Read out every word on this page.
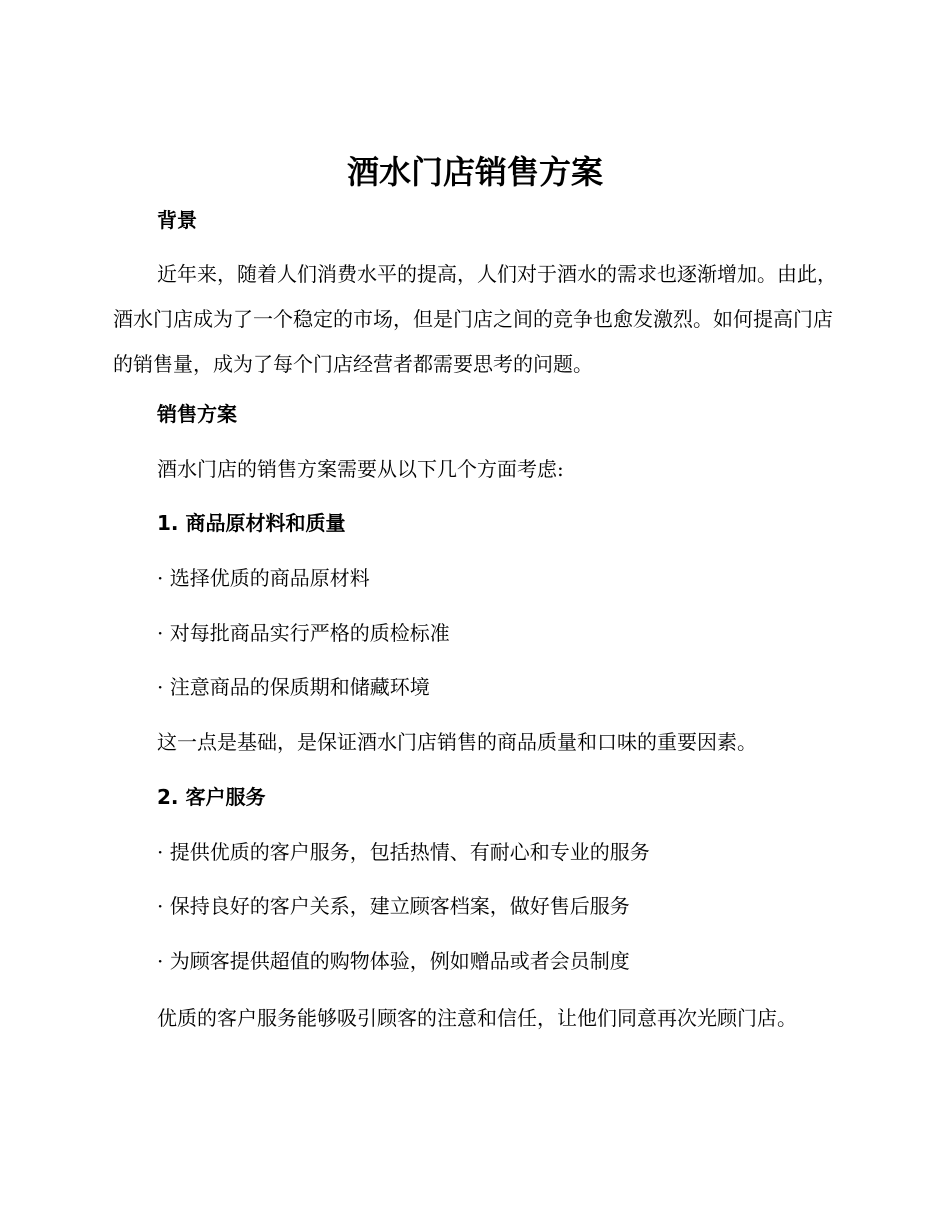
酒水门店销售方案
背景

近年来，随着人们消费水平的提高，人们对于酒水的需求也逐渐增加。由此，酒水门店成为了一个稳定的市场，但是门店之间的竞争也愈发激烈。如何提高门店的销售量，成为了每个门店经营者都需要思考的问题。

销售方案

酒水门店的销售方案需要从以下几个方面考虑:

1. 商品原材料和质量

· 选择优质的商品原材料

· 对每批商品实行严格的质检标准

· 注意商品的保质期和储藏环境

这一点是基础，是保证酒水门店销售的商品质量和口味的重要因素。

2. 客户服务

· 提供优质的客户服务，包括热情、有耐心和专业的服务

· 保持良好的客户关系，建立顾客档案，做好售后服务

· 为顾客提供超值的购物体验，例如赠品或者会员制度

优质的客户服务能够吸引顾客的注意和信任，让他们同意再次光顾门店。
